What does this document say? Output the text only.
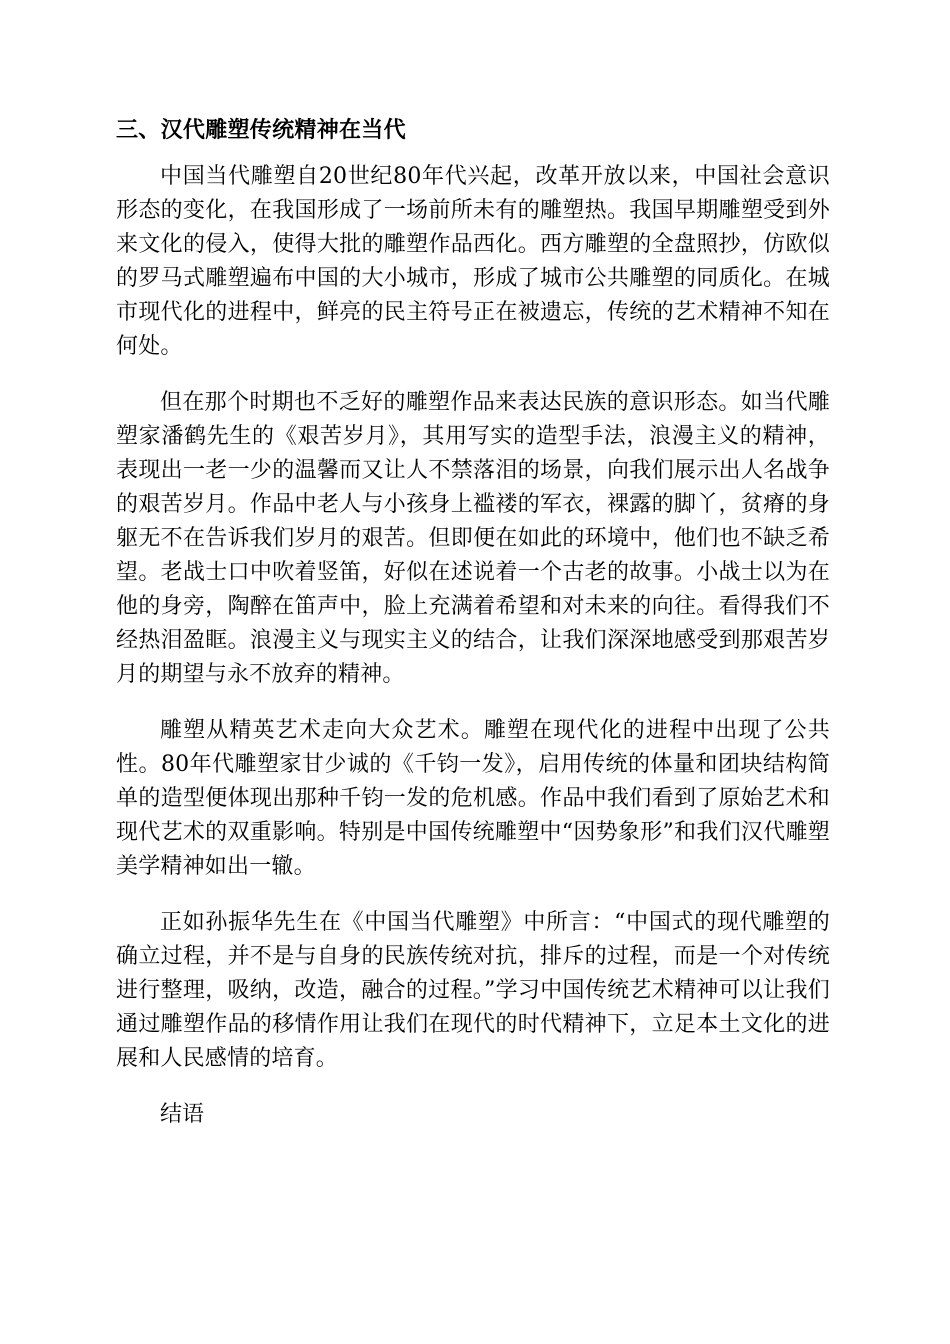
三、汉代雕塑传统精神在当代

中国当代雕塑自20世纪80年代兴起，改革开放以来，中国社会意识形态的变化，在我国形成了一场前所未有的雕塑热。我国早期雕塑受到外来文化的侵入，使得大批的雕塑作品西化。西方雕塑的全盘照抄，仿欧似的罗马式雕塑遍布中国的大小城市，形成了城市公共雕塑的同质化。在城市现代化的进程中，鲜亮的民主符号正在被遗忘，传统的艺术精神不知在何处。

但在那个时期也不乏好的雕塑作品来表达民族的意识形态。如当代雕塑家潘鹤先生的《艰苦岁月》，其用写实的造型手法，浪漫主义的精神，表现出一老一少的温馨而又让人不禁落泪的场景，向我们展示出人名战争的艰苦岁月。作品中老人与小孩身上褴褛的军衣，裸露的脚丫，贫瘠的身躯无不在告诉我们岁月的艰苦。但即便在如此的环境中，他们也不缺乏希望。老战士口中吹着竖笛，好似在述说着一个古老的故事。小战士以为在他的身旁，陶醉在笛声中，脸上充满着希望和对未来的向往。看得我们不经热泪盈眶。浪漫主义与现实主义的结合，让我们深深地感受到那艰苦岁月的期望与永不放弃的精神。

雕塑从精英艺术走向大众艺术。雕塑在现代化的进程中出现了公共性。80年代雕塑家甘少诚的《千钧一发》，启用传统的体量和团块结构简单的造型便体现出那种千钧一发的危机感。作品中我们看到了原始艺术和现代艺术的双重影响。特别是中国传统雕塑中“因势象形”和我们汉代雕塑美学精神如出一辙。

正如孙振华先生在《中国当代雕塑》中所言：“中国式的现代雕塑的确立过程，并不是与自身的民族传统对抗，排斥的过程，而是一个对传统进行整理，吸纳，改造，融合的过程。”学习中国传统艺术精神可以让我们通过雕塑作品的移情作用让我们在现代的时代精神下，立足本土文化的进展和人民感情的培育。

结语
